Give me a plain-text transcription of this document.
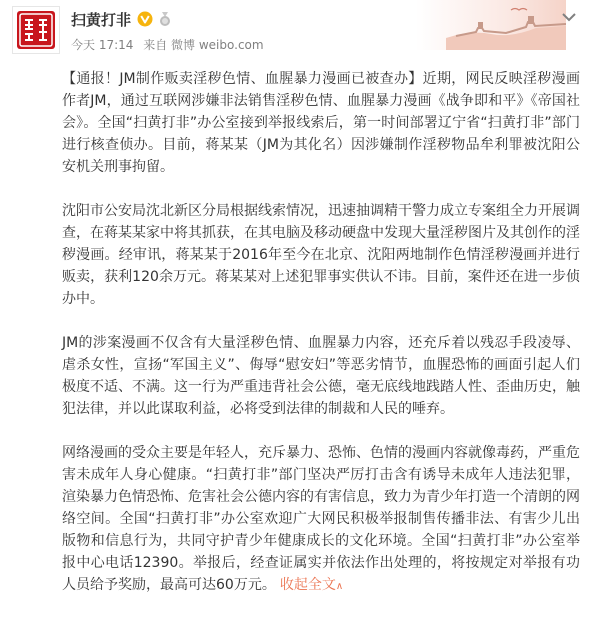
扫黄打非
今天 17:14 来自 微博 weibo.com

【通报！JM制作贩卖淫秽色情、血腥暴力漫画已被查办】近期，网民反映淫秽漫画作者JM，通过互联网涉嫌非法销售淫秽色情、血腥暴力漫画《战争即和平》《帝国社会》。全国“扫黄打非”办公室接到举报线索后，第一时间部署辽宁省“扫黄打非”部门进行核查侦办。目前，蒋某某（JM为其化名）因涉嫌制作淫秽物品牟利罪被沈阳公安机关刑事拘留。

沈阳市公安局沈北新区分局根据线索情况，迅速抽调精干警力成立专案组全力开展调查，在蒋某某家中将其抓获，在其电脑及移动硬盘中发现大量淫秽图片及其创作的淫秽漫画。经审讯，蒋某某于2016年至今在北京、沈阳两地制作色情淫秽漫画并进行贩卖，获利120余万元。蒋某某对上述犯罪事实供认不讳。目前，案件还在进一步侦办中。

JM的涉案漫画不仅含有大量淫秽色情、血腥暴力内容，还充斥着以残忍手段凌辱、虐杀女性，宣扬“军国主义”、侮辱“慰安妇”等恶劣情节，血腥恐怖的画面引起人们极度不适、不满。这一行为严重违背社会公德，毫无底线地践踏人性、歪曲历史，触犯法律，并以此谋取利益，必将受到法律的制裁和人民的唾弃。

网络漫画的受众主要是年轻人，充斥暴力、恐怖、色情的漫画内容就像毒药，严重危害未成年人身心健康。“扫黄打非”部门坚决严厉打击含有诱导未成年人违法犯罪，渲染暴力色情恐怖、危害社会公德内容的有害信息，致力为青少年打造一个清朗的网络空间。全国“扫黄打非”办公室欢迎广大网民积极举报制售传播非法、有害少儿出版物和信息行为，共同守护青少年健康成长的文化环境。全国“扫黄打非”办公室举报中心电话12390。举报后，经查证属实并依法作出处理的，将按规定对举报有功人员给予奖励，最高可达60万元。 收起全文∧
